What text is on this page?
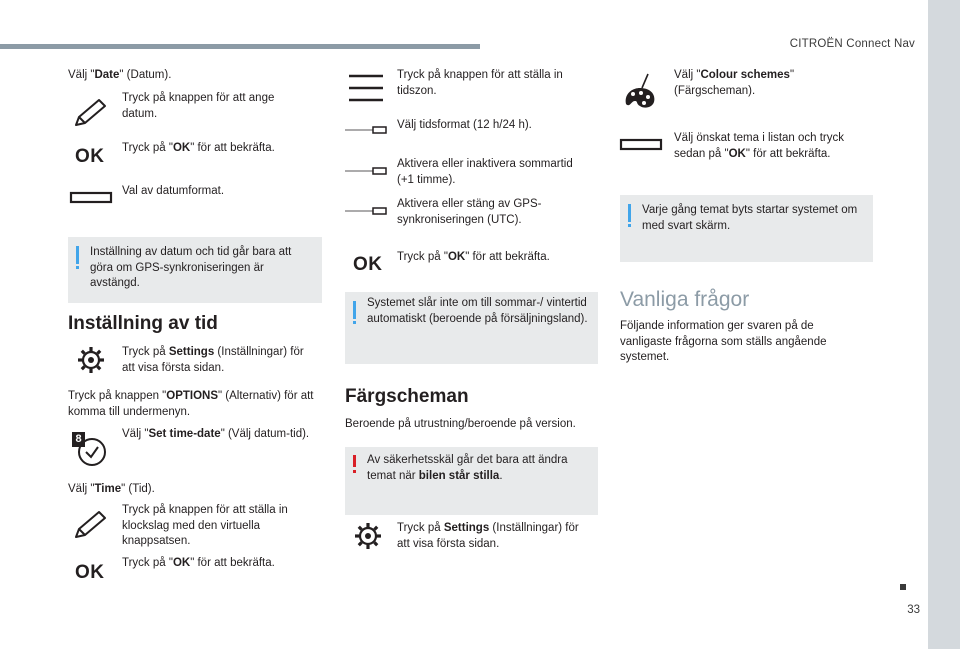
CITROËN Connect Nav
33
Välj "Date" (Datum).
Tryck på knappen för att ange datum.
OK Tryck på "OK" för att bekräfta.
Val av datumformat.
Inställning av datum och tid går bara att göra om GPS-synkroniseringen är avstängd.
Inställning av tid
Tryck på Settings (Inställningar) för att visa första sidan.
Tryck på knappen "OPTIONS" (Alternativ) för att komma till undermenyn.
8	Välj "Set time-date" (Välj datum-tid).
Välj "Time" (Tid).
Tryck på knappen för att ställa in klockslag med den virtuella knappsatsen.
OK Tryck på "OK" för att bekräfta.
Tryck på knappen för att ställa in tidszon.
Välj tidsformat (12 h/24 h).
Aktivera eller inaktivera sommartid (+1 timme).
Aktivera eller stäng av GPS-synkroniseringen (UTC).
OK Tryck på "OK" för att bekräfta.
Systemet slår inte om till sommar-/ vintertid automatiskt (beroende på försäljningsland).
Färgscheman
Beroende på utrustning/beroende på version.
Av säkerhetsskäl går det bara att ändra temat när bilen står stilla.
Tryck på Settings (Inställningar) för att visa första sidan.
Välj "Colour schemes" (Färgscheman).
Välj önskat tema i listan och tryck sedan på "OK" för att bekräfta.
Varje gång temat byts startar systemet om med svart skärm.
Vanliga frågor
Följande information ger svaren på de vanligaste frågorna som ställs angående systemet.
